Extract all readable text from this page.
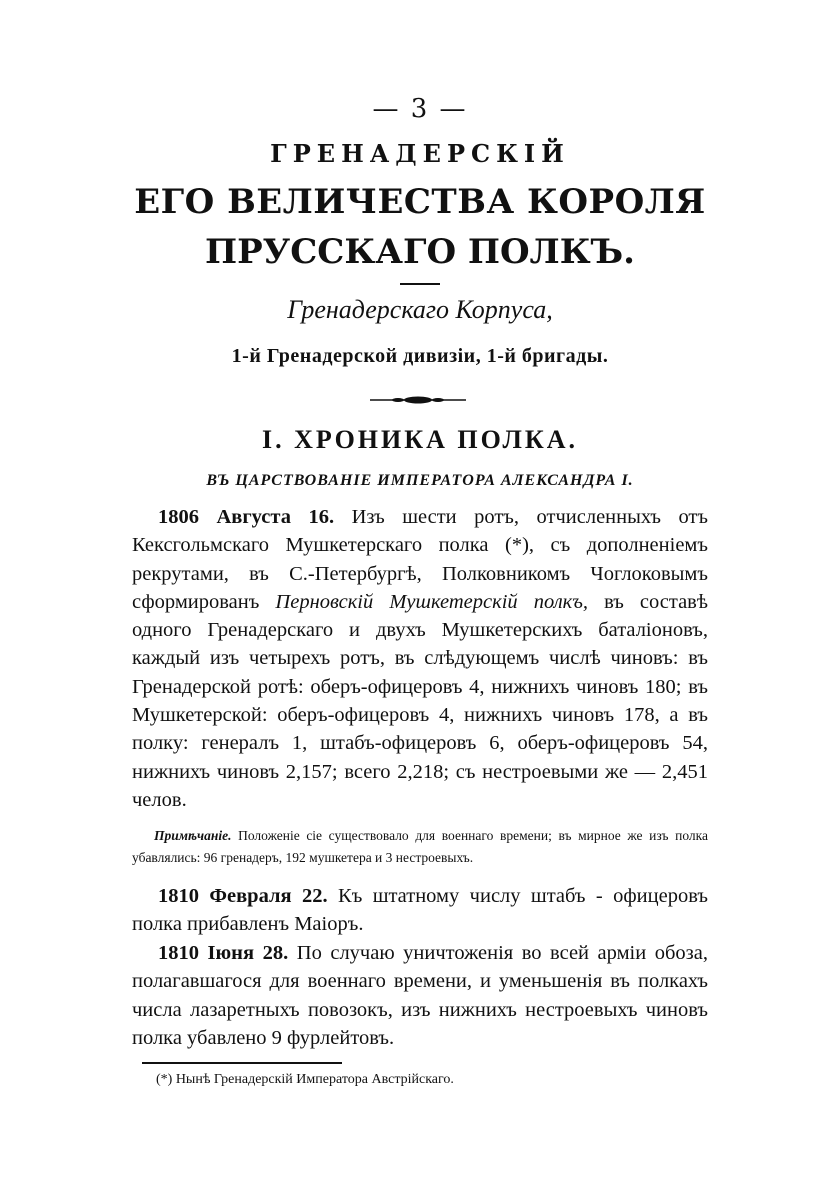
— 3 —
ГРЕНАДЕРСКІЙ
ЕГО ВЕЛИЧЕСТВА КОРОЛЯ
ПРУССКАГО ПОЛКЪ.
Гренадерскаго Корпуса,
1-й Гренадерской дивизіи, 1-й бригады.
I. ХРОНИКА ПОЛКА.
ВЪ ЦАРСТВОВАНІЕ ИМПЕРАТОРА АЛЕКСАНДРА I.
1806 Августа 16. Изъ шести ротъ, отчисленныхъ отъ Кексгольмскаго Мушкетерскаго полка (*), съ дополненіемъ рекрутами, въ С.-Петербургѣ, Полковникомъ Чоглоковымъ сформированъ Перновскій Мушкетерскій полкъ, въ составѣ одного Гренадерскаго и двухъ Мушкетерскихъ баталіоновъ, каждый изъ четырехъ ротъ, въ слѣдующемъ числѣ чиновъ: въ Гренадерской ротѣ: оберъ-офицеровъ 4, нижнихъ чиновъ 180; въ Мушкетерской: оберъ-офицеровъ 4, нижнихъ чиновъ 178, а въ полку: генералъ 1, штабъ-офицеровъ 6, оберъ-офицеровъ 54, нижнихъ чиновъ 2,157; всего 2,218; съ нестроевыми же — 2,451 челов.
Примѣчаніе. Положеніе сіе существовало для военнаго времени; въ мирное же изъ полка убавлялись: 96 гренадеръ, 192 мушкетера и 3 нестроевыхъ.
1810 Февраля 22. Къ штатному числу штабъ - офицеровъ полка прибавленъ Маіоръ.
1810 Іюня 28. По случаю уничтоженія во всей арміи обоза, полагавшагося для военнаго времени, и уменьшенія въ полкахъ числа лазаретныхъ повозокъ, изъ нижнихъ нестроевыхъ чиновъ полка убавлено 9 фурлейтовъ.
(*) Нынѣ Гренадерскій Императора Австрійскаго.
